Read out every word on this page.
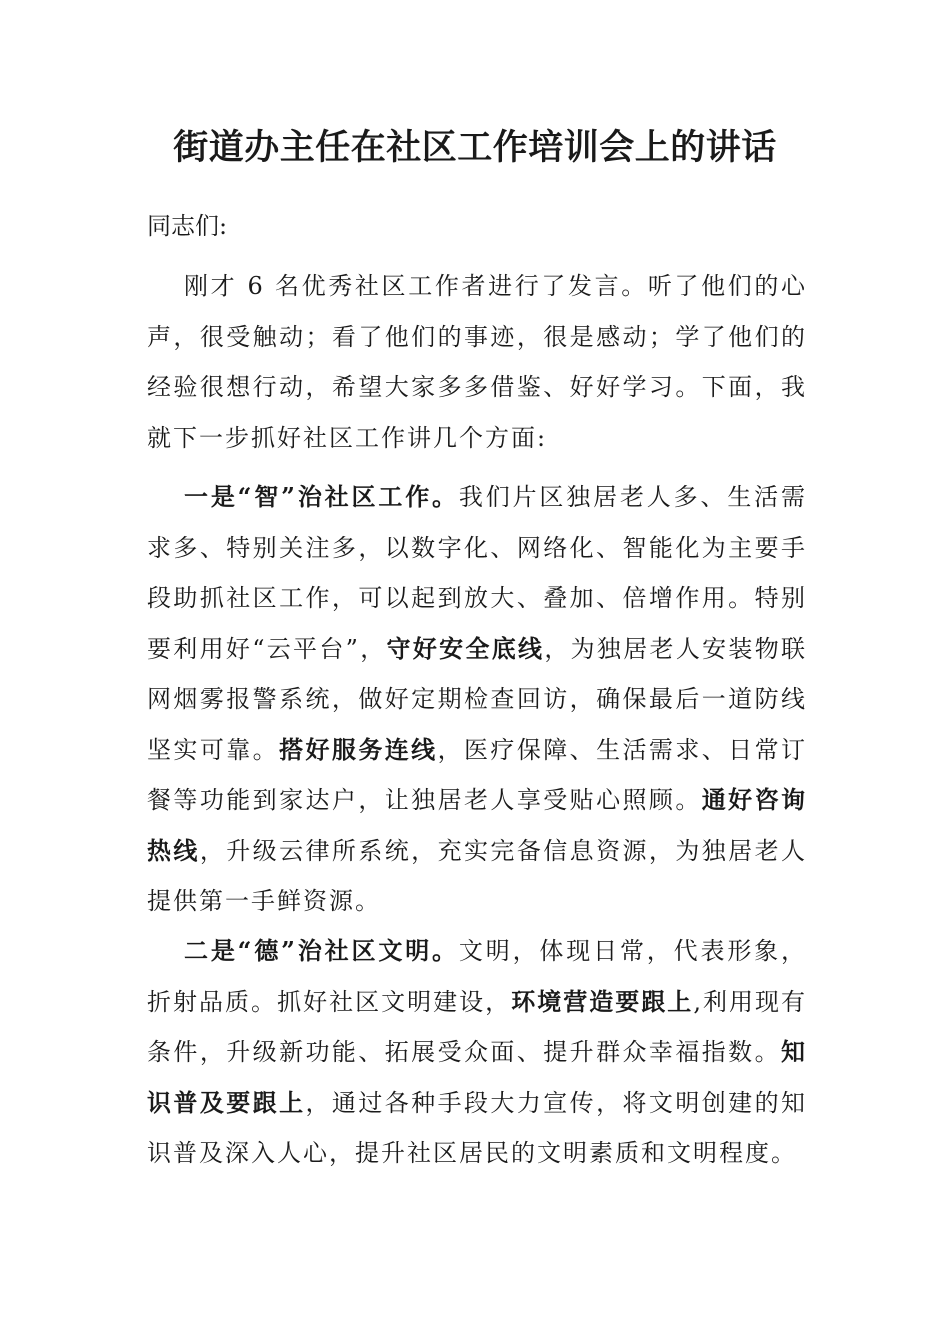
街道办主任在社区工作培训会上的讲话

同志们:

刚才 6 名优秀社区工作者进行了发言。听了他们的心声，很受触动；看了他们的事迹，很是感动；学了他们的经验很想行动，希望大家多多借鉴、好好学习。下面，我就下一步抓好社区工作讲几个方面:

一是“智”治社区工作。我们片区独居老人多、生活需求多、特别关注多，以数字化、网络化、智能化为主要手段助抓社区工作，可以起到放大、叠加、倍增作用。特别要利用好“云平台”，守好安全底线，为独居老人安装物联网烟雾报警系统，做好定期检查回访，确保最后一道防线坚实可靠。搭好服务连线，医疗保障、生活需求、日常订餐等功能到家达户，让独居老人享受贴心照顾。通好咨询热线，升级云律所系统，充实完备信息资源，为独居老人提供第一手鲜资源。

二是“德”治社区文明。文明，体现日常，代表形象，折射品质。抓好社区文明建设，环境营造要跟上,利用现有条件，升级新功能、拓展受众面、提升群众幸福指数。知识普及要跟上，通过各种手段大力宣传，将文明创建的知识普及深入人心，提升社区居民的文明素质和文明程度。
